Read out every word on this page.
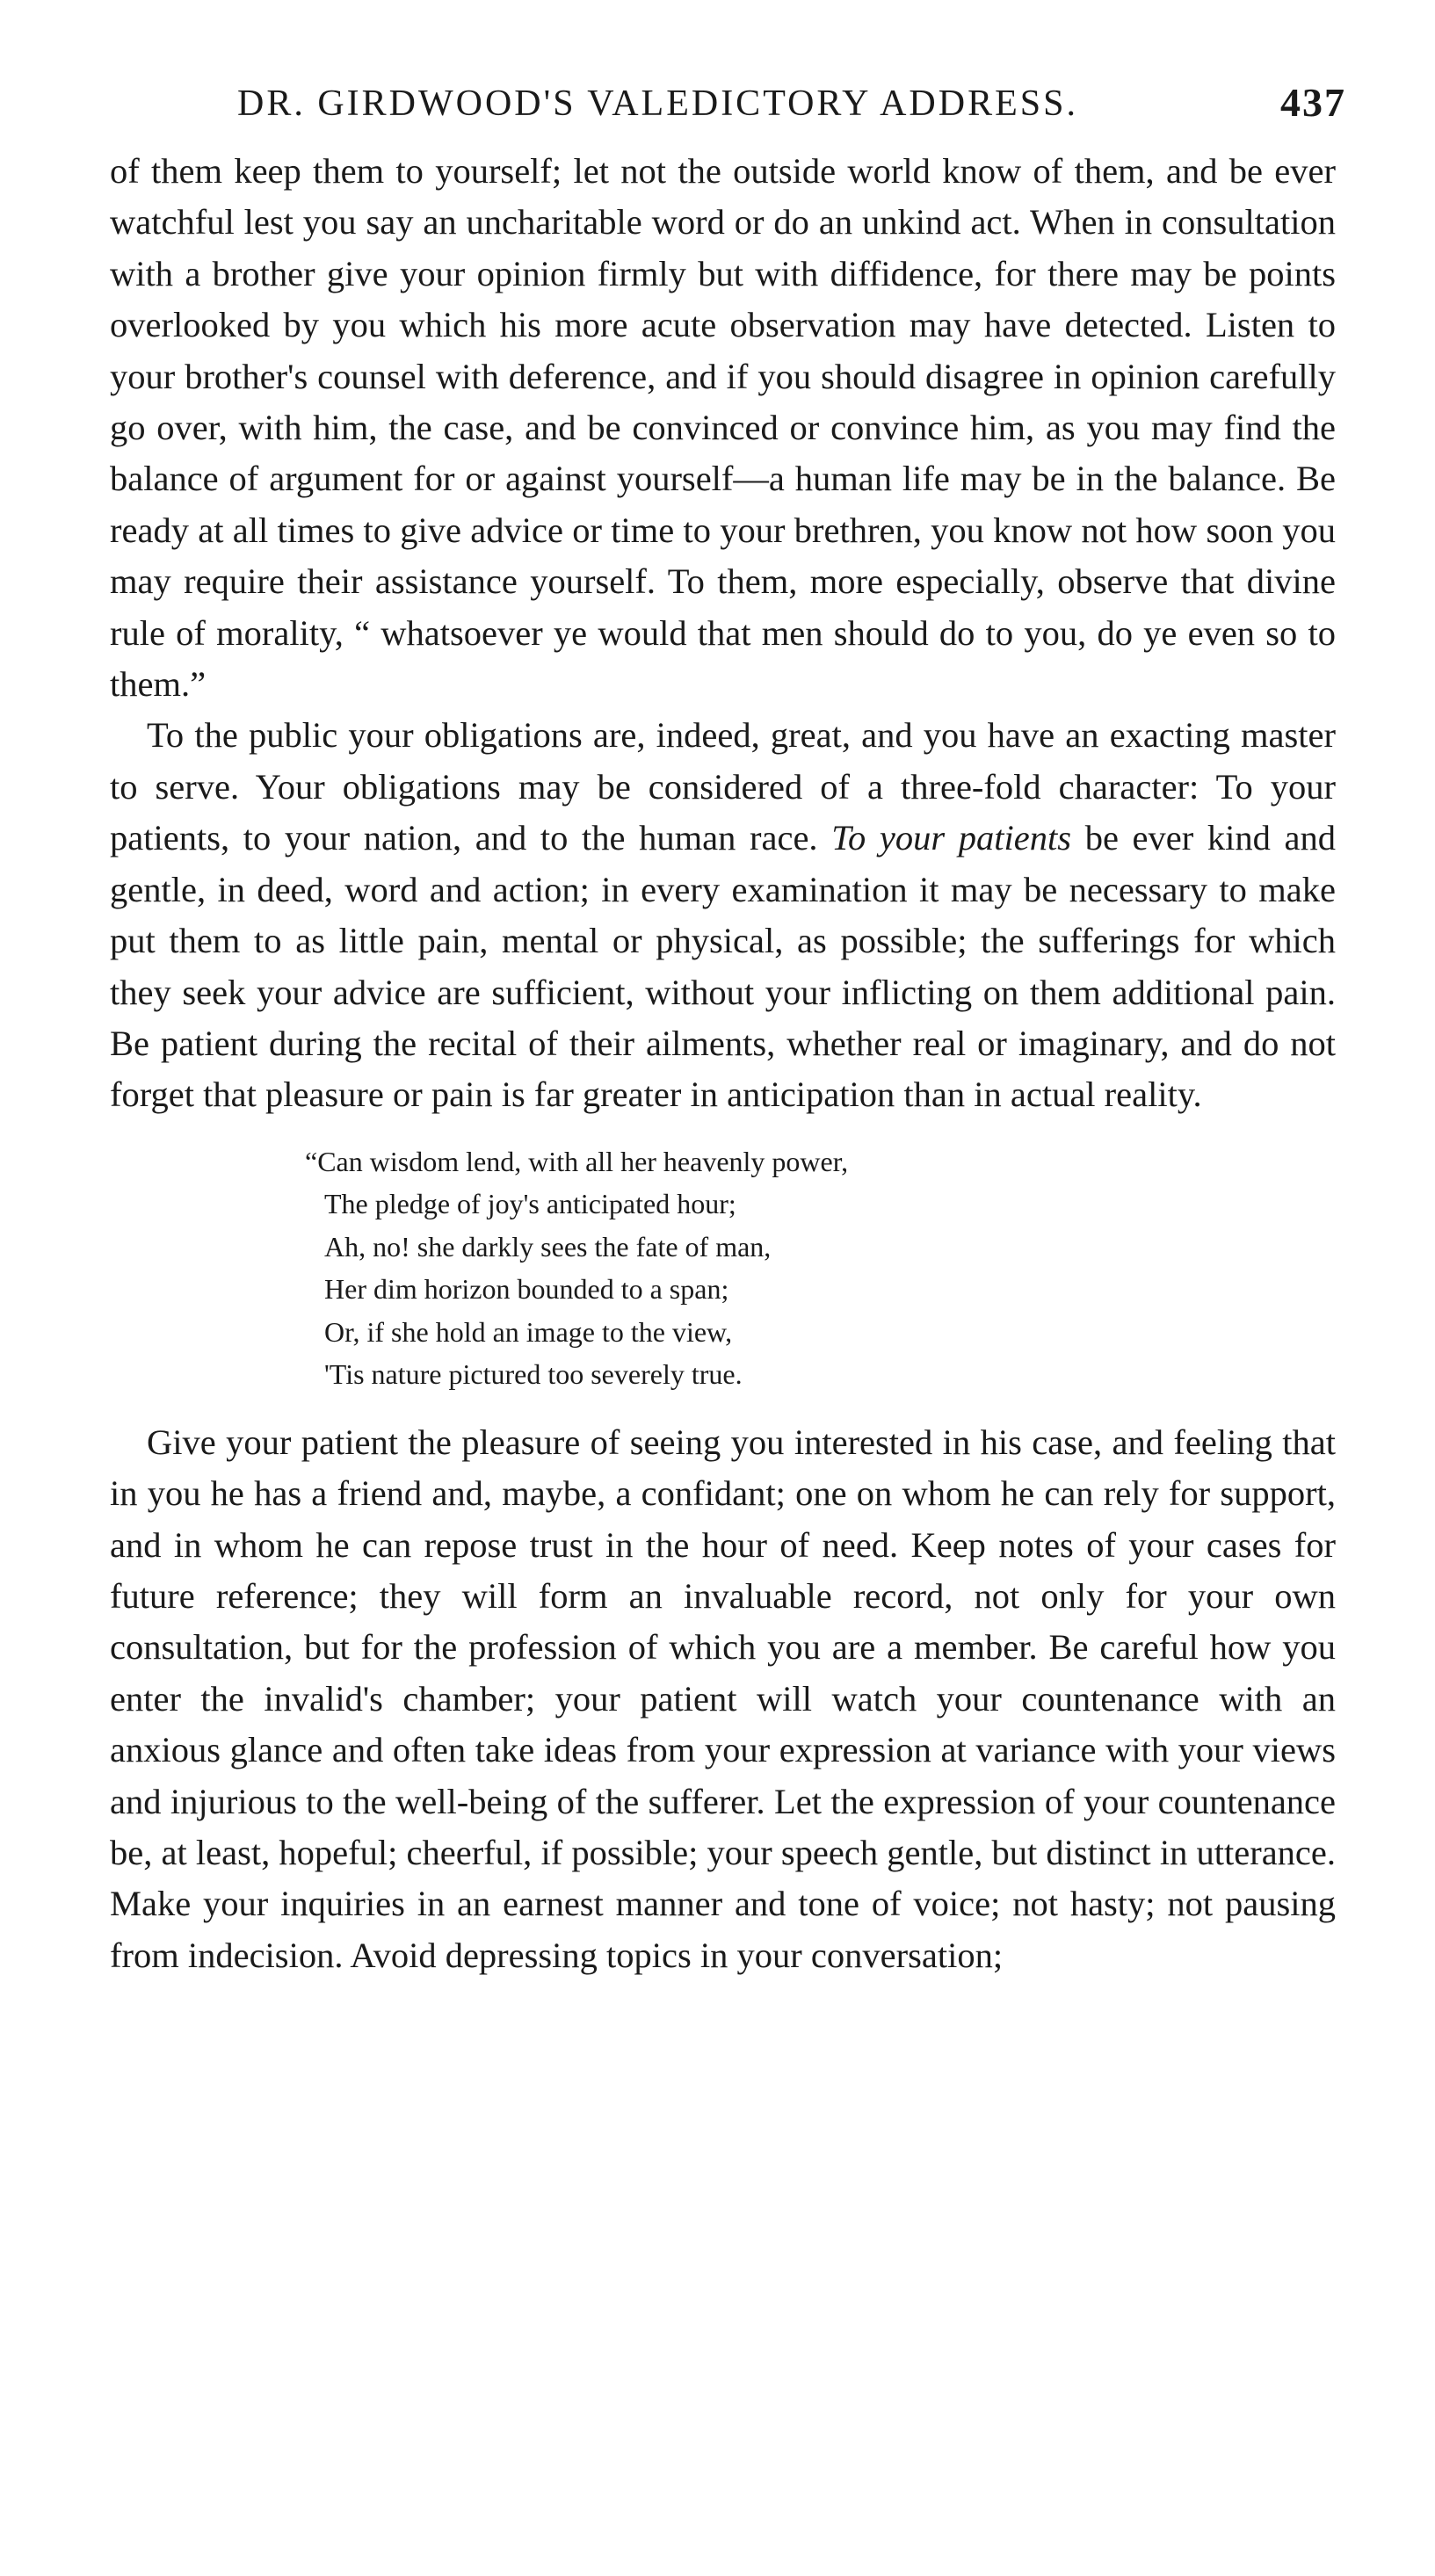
DR. GIRDWOOD'S VALEDICTORY ADDRESS.	437

of them keep them to yourself; let not the outside world know of them, and be ever watchful lest you say an uncharitable word or do an unkind act. When in consultation with a brother give your opinion firmly but with diffidence, for there may be points overlooked by you which his more acute observation may have detected. Listen to your brother's counsel with deference, and if you should disagree in opinion carefully go over, with him, the case, and be convinced or convince him, as you may find the balance of argument for or against yourself—a human life may be in the balance. Be ready at all times to give advice or time to your brethren, you know not how soon you may require their assistance yourself. To them, more especially, observe that divine rule of morality, “ whatsoever ye would that men should do to you, do ye even so to them.”

To the public your obligations are, indeed, great, and you have an exacting master to serve. Your obligations may be considered of a three-fold character: To your patients, to your nation, and to the human race. To your patients be ever kind and gentle, in deed, word and action; in every examination it may be necessary to make put them to as little pain, mental or physical, as possible; the sufferings for which they seek your advice are sufficient, without your inflicting on them additional pain. Be patient during the recital of their ailments, whether real or imaginary, and do not forget that pleasure or pain is far greater in anticipation than in actual reality.

“Can wisdom lend, with all her heavenly power,
The pledge of joy's anticipated hour;
Ah, no! she darkly sees the fate of man,
Her dim horizon bounded to a span;
Or, if she hold an image to the view,
'Tis nature pictured too severely true.

Give your patient the pleasure of seeing you interested in his case, and feeling that in you he has a friend and, maybe, a confidant; one on whom he can rely for support, and in whom he can repose trust in the hour of need. Keep notes of your cases for future reference; they will form an invaluable record, not only for your own consultation, but for the profession of which you are a member. Be careful how you enter the invalid's chamber; your patient will watch your countenance with an anxious glance and often take ideas from your expression at variance with your views and injurious to the well-being of the sufferer. Let the expression of your countenance be, at least, hopeful; cheerful, if possible; your speech gentle, but distinct in utterance. Make your inquiries in an earnest manner and tone of voice; not hasty; not pausing from indecision. Avoid depressing topics in your conversation;
